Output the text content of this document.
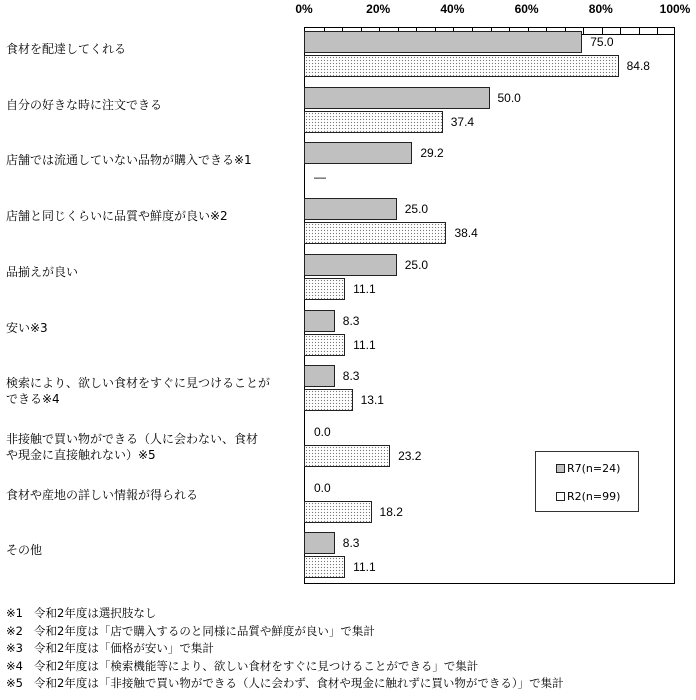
0%	20%	40%	60%	80%	100%
食材を配達してくれる
自分の好きな時に注文できる
店舗では流通していない品物が購入できる※1
店舗と同じくらいに品質や鮮度が良い※2
品揃えが良い
安い※3
検索により、欲しい食材をすぐに見つけることが
できる※4
非接触で買い物ができる（人に会わない、食材
や現金に直接触れない）※5
食材や産地の詳しい情報が得られる
その他
R7(n=24)
R2(n=99)
※1 令和2年度は選択肢なし
※2 令和2年度は「店で購入するのと同様に品質や鮮度が良い」で集計
※3 令和2年度は「価格が安い」で集計
※4 令和2年度は「検索機能等により、欲しい食材をすぐに見つけることができる」で集計
※5 令和2年度は「非接触で買い物ができる（人に会わず、食材や現金に触れずに買い物ができる）」で集計
75.0
84.8
50.0
37.4
29.2
—
25.0
38.4
25.0
11.1
8.3
11.1
8.3
13.1
0.0
23.2
0.0
18.2
8.3
11.1
